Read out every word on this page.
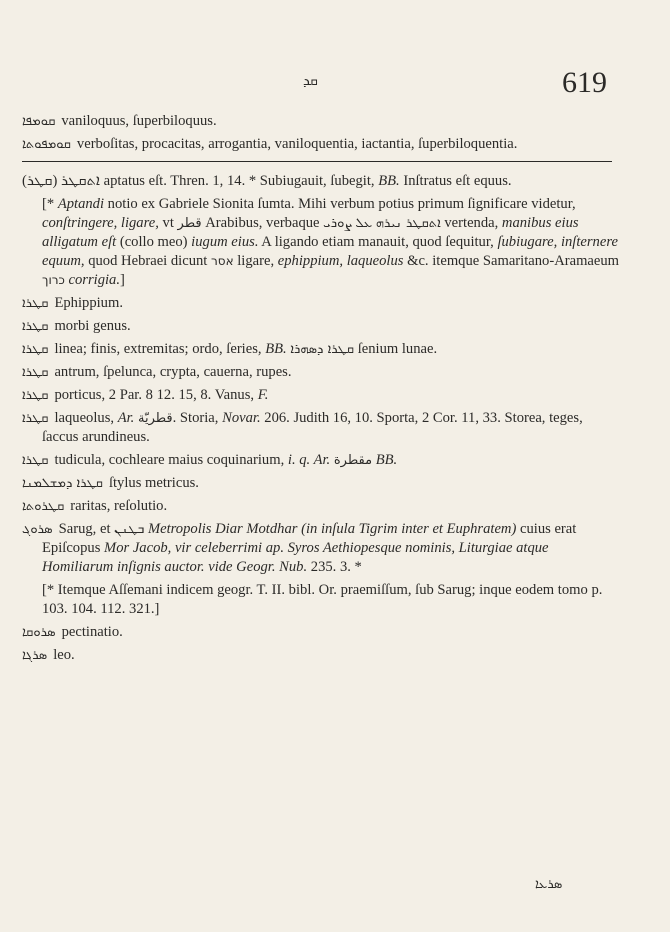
ܩܕ	619
ܩܘܡܦܐ vaniloquus, ſuperbiloquus.
ܩܘܡܦܘܬܐ verboſitas, procacitas, arrogantia, vaniloquentia, iactantia, ſuperbiloquentia.
(ܩܛܪ) ܐܬܩܛܪ aptatus eſt. Thren. 1, 14. * Subiugauit, ſubegit, BB. Inſtratus eſt equus.
[* Aptandi notio ex Gabriele Sionita ſumta. Mihi verbum potius primum ſignificare videtur, conſtringere, ligare, vt قطر Arabibus, verbaque	ܐܬܩܛܪ ܢܝܪܗ ܥܠ ܨܘܪܝ	vertenda, manibus eius alligatum eſt (collo meo) iugum eius. A ligando etiam manauit, quod ſequitur, ſubiugare, inſternere equum, quod Hebraei dicunt אסר ligare, ephippium, laqueolus &c. itemque Samaritano-Aramaeum כרוך corrigia.]
ܩܛܪܐ Ephippium.
ܩܛܪܐ morbi genus.
ܩܛܪܐ linea; finis, extremitas; ordo, ſeries, BB. ܩܛܪܐ ܕܣܗܪܐ ſenium lunae.
ܩܛܪܐ antrum, ſpelunca, crypta, cauerna, rupes.
ܩܛܪܐ porticus, 2 Par. 8 12. 15, 8. Vanus, F.
ܩܛܪܐ laqueolus, Ar. قطريّة. Storia, Novar. 206. Judith 16, 10. Sporta, 2 Cor. 11, 33. Storea, teges, ſaccus arundineus.
ܩܛܪܐ tudicula, cochleare maius coquinarium, i. q. Ar. مقطرة BB.
ܩܛܪܐ ܕܡܫܠܡܢܐ ſtylus metricus.
ܩܛܪܘܬܐ raritas, reſolutio.
ܣܪܘܓ Sarug, et ܒܛܢܢ Metropolis Diar Motdhar (in inſula Tigrim inter et Euphratem) cuius erat Epiſcopus Mor Jacob, vir celeberrimi ap. Syros Aethiopesque nominis, Liturgiae atque Homiliarum inſignis auctor. vide Geogr. Nub. 235. 3. *
[* Itemque Aſſemani indicem geogr. T. II. bibl. Or. praemiſſum, ſub Sarug; inque eodem tomo p. 103. 104. 112. 321.]
ܣܪܘܩܐ pectinatio.
ܣܪܓܐ leo.
ܣܪܥܐ
